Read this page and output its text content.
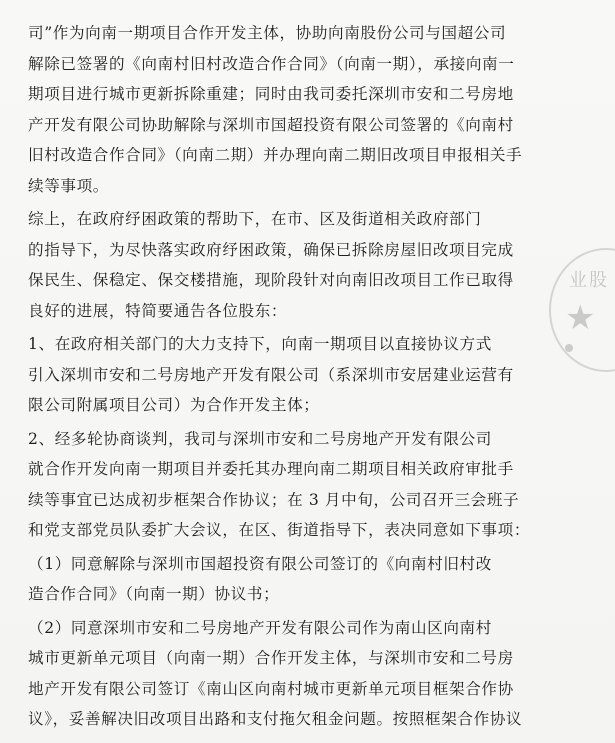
司”作为向南一期项目合作开发主体，协助向南股份公司与国超公司
解除已签署的《向南村旧村改造合作合同》（向南一期），承接向南一
期项目进行城市更新拆除重建；同时由我司委托深圳市安和二号房地
产开发有限公司协助解除与深圳市国超投资有限公司签署的《向南村
旧村改造合作合同》（向南二期）并办理向南二期旧改项目申报相关手
续等事项。
综上，在政府纾困政策的帮助下，在市、区及街道相关政府部门
的指导下，为尽快落实政府纾困政策，确保已拆除房屋旧改项目完成
保民生、保稳定、保交楼措施，现阶段针对向南旧改项目工作已取得
良好的进展，特简要通告各位股东：
1、在政府相关部门的大力支持下，向南一期项目以直接协议方式
引入深圳市安和二号房地产开发有限公司（系深圳市安居建业运营有
限公司附属项目公司）为合作开发主体；
2、经多轮协商谈判，我司与深圳市安和二号房地产开发有限公司
就合作开发向南一期项目并委托其办理向南二期项目相关政府审批手
续等事宜已达成初步框架合作协议；在 3 月中旬，公司召开三会班子
和党支部党员队委扩大会议，在区、街道指导下，表决同意如下事项：
（1）同意解除与深圳市国超投资有限公司签订的《向南村旧村改
造合作合同》（向南一期）协议书；
（2）同意深圳市安和二号房地产开发有限公司作为南山区向南村
城市更新单元项目（向南一期）合作开发主体，与深圳市安和二号房
地产开发有限公司签订《南山区向南村城市更新单元项目框架合作协
议》，妥善解决旧改项目出路和支付拖欠租金问题。按照框架合作协议
业股
★
